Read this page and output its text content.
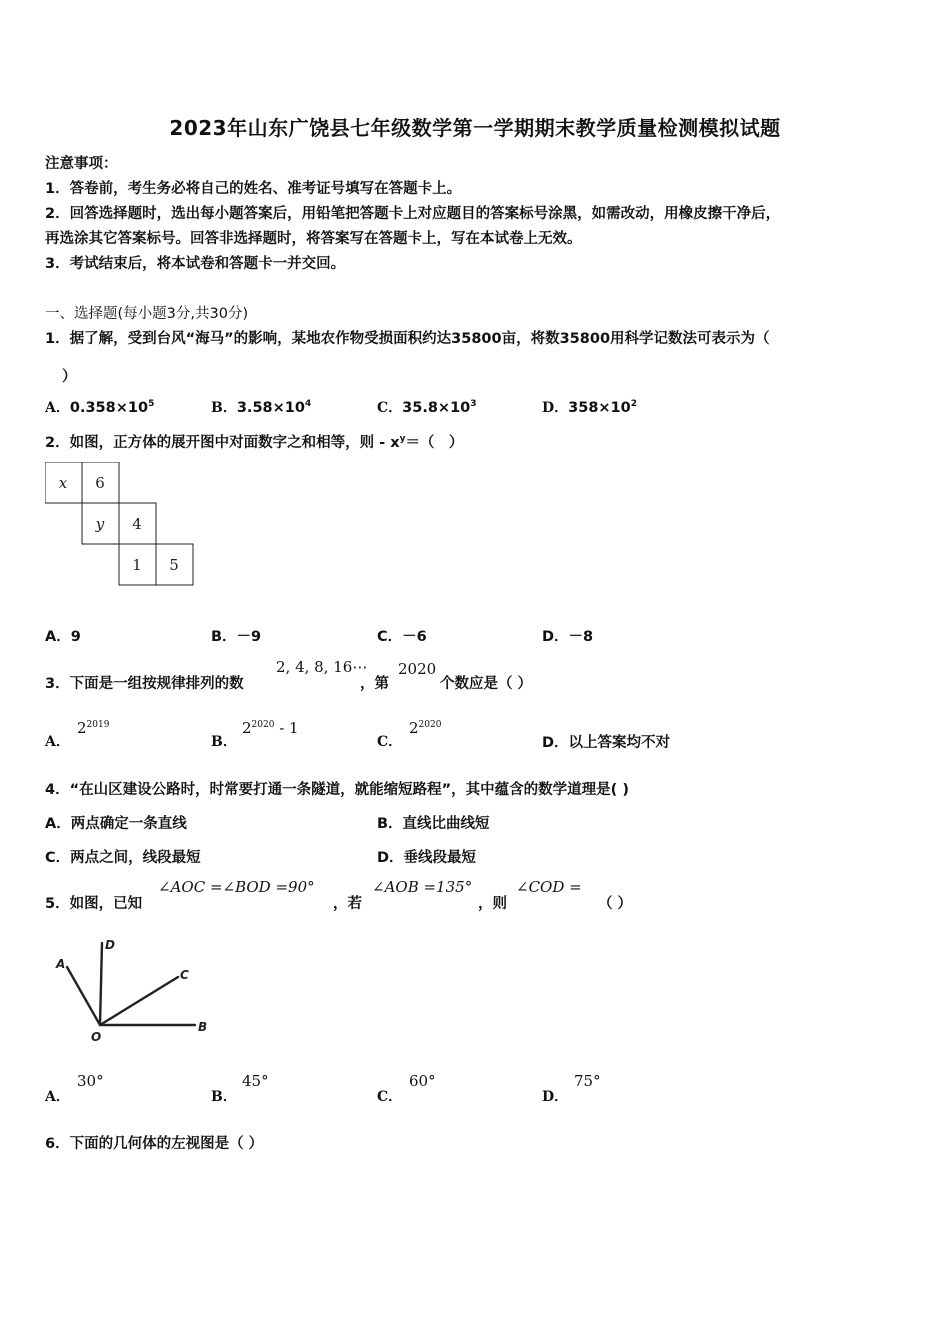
2023年山东广饶县七年级数学第一学期期末教学质量检测模拟试题
注意事项：
1．答卷前，考生务必将自己的姓名、准考证号填写在答题卡上。
2．回答选择题时，选出每小题答案后，用铅笔把答题卡上对应题目的答案标号涂黑，如需改动，用橡皮擦干净后，
再选涂其它答案标号。回答非选择题时，将答案写在答题卡上，写在本试卷上无效。
3．考试结束后，将本试卷和答题卡一并交回。
一、选择题(每小题3分,共30分)
1．据了解，受到台风“海马”的影响，某地农作物受损面积约达35800亩，将数35800用科学记数法可表示为（
）
A．$0.358\times 10^5$	B．$3.58\times 10^4$	C．$35.8\times 10^3$	D．$358\times 10^2$
2．如图，正方体的展开图中对面数字之和相等，则 - $x^y=$（　）
x 6
y 4
1 5
A．9	B．－9	C．－6	D．－8
3．下面是一组按规律排列的数
2, 4, 8, 16⋯
，第
2020
个数应是（ ）
A．
$2^{2019}$
B．
$2^{2020} - 1$
C．
$2^{2020}$
D．以上答案均不对
4．“在山区建设公路时，时常要打通一条隧道，就能缩短路程”，其中蕴含的数学道理是( )
A．两点确定一条直线	B．直线比曲线短
C．两点之间，线段最短	D．垂线段最短
5．如图，已知
∠AOC =∠BOD =90°
，若
∠AOB =135°
，则
∠COD =
（ ）
A
D
C
B
O
A．
30°
B．
45°
C．
60°
D．
75°
6．下面的几何体的左视图是（ ）
